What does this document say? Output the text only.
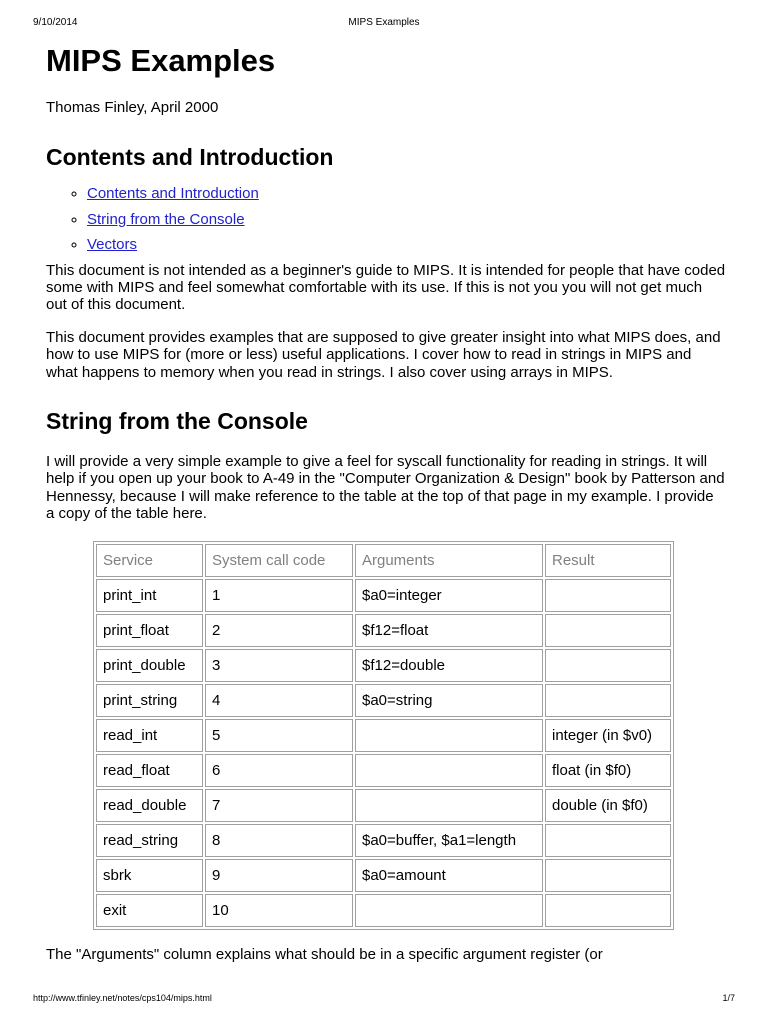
9/10/2014	MIPS Examples
MIPS Examples

Thomas Finley, April 2000

Contents and Introduction
◦ Contents and Introduction
◦ String from the Console
◦ Vectors

This document is not intended as a beginner's guide to MIPS. It is intended for people that have coded some with MIPS and feel somewhat comfortable with its use. If this is not you you will not get much out of this document.

This document provides examples that are supposed to give greater insight into what MIPS does, and how to use MIPS for (more or less) useful applications. I cover how to read in strings in MIPS and what happens to memory when you read in strings. I also cover using arrays in MIPS.

String from the Console

I will provide a very simple example to give a feel for syscall functionality for reading in strings. It will help if you open up your book to A-49 in the "Computer Organization & Design" book by Patterson and Hennessy, because I will make reference to the table at the top of that page in my example. I provide a copy of the table here.

Service	System call code	Arguments	Result
print_int	1	$a0=integer	
print_float	2	$f12=float	
print_double	3	$f12=double	
print_string	4	$a0=string	
read_int	5		integer (in $v0)
read_float	6		float (in $f0)
read_double	7		double (in $f0)
read_string	8	$a0=buffer, $a1=length	
sbrk	9	$a0=amount	
exit	10		

The "Arguments" column explains what should be in a specific argument register (or

http://www.tfinley.net/notes/cps104/mips.html	1/7
